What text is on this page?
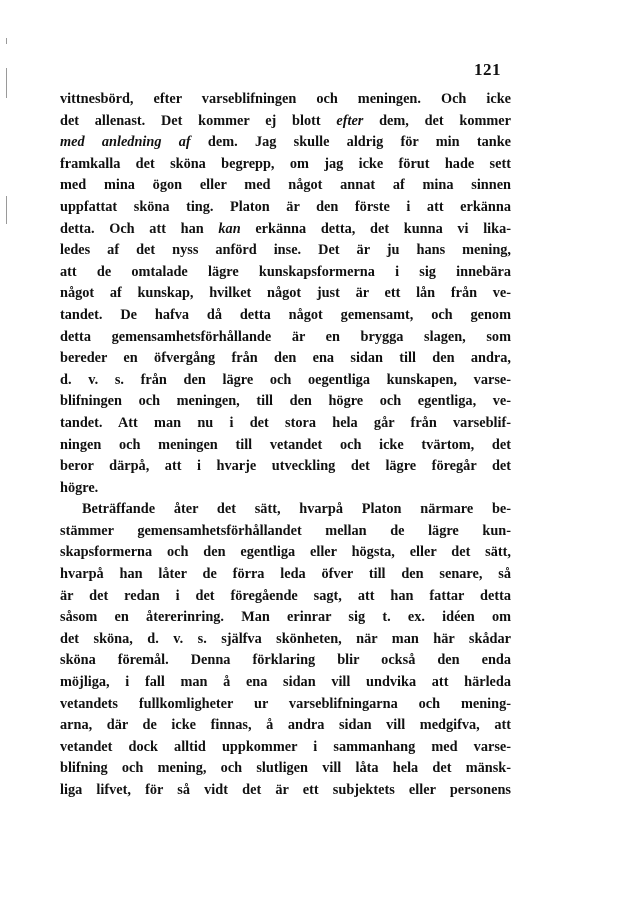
121
vittnesbörd, efter varseblifningen och meningen. Och icke
det allenast. Det kommer ej blott efter dem, det kommer
med anledning af dem. Jag skulle aldrig för min tanke
framkalla det sköna begrepp, om jag icke förut hade sett
med mina ögon eller med något annat af mina sinnen
uppfattat sköna ting. Platon är den förste i att erkänna
detta. Och att han kan erkänna detta, det kunna vi lika-
ledes af det nyss anförd inse. Det är ju hans mening,
att de omtalade lägre kunskapsformerna i sig innebära
något af kunskap, hvilket något just är ett lån från ve-
tandet. De hafva då detta något gemensamt, och genom
detta gemensamhetsförhållande är en brygga slagen, som
bereder en öfvergång från den ena sidan till den andra,
d. v. s. från den lägre och oegentliga kunskapen, varse-
blifningen och meningen, till den högre och egentliga, ve-
tandet. Att man nu i det stora hela går från varseblif-
ningen och meningen till vetandet och icke tvärtom, det
beror därpå, att i hvarje utveckling det lägre föregår det
högre.
Beträffande åter det sätt, hvarpå Platon närmare be-
stämmer gemensamhetsförhållandet mellan de lägre kun-
skapsformerna och den egentliga eller högsta, eller det sätt,
hvarpå han låter de förra leda öfver till den senare, så
är det redan i det föregående sagt, att han fattar detta
såsom en återerinring. Man erinrar sig t. ex. idéen om
det sköna, d. v. s. själfva skönheten, när man här skådar
sköna föremål. Denna förklaring blir också den enda
möjliga, i fall man å ena sidan vill undvika att härleda
vetandets fullkomligheter ur varseblifningarna och mening-
arna, där de icke finnas, å andra sidan vill medgifva, att
vetandet dock alltid uppkommer i sammanhang med varse-
blifning och mening, och slutligen vill låta hela det mänsk-
liga lifvet, för så vidt det är ett subjektets eller personens
